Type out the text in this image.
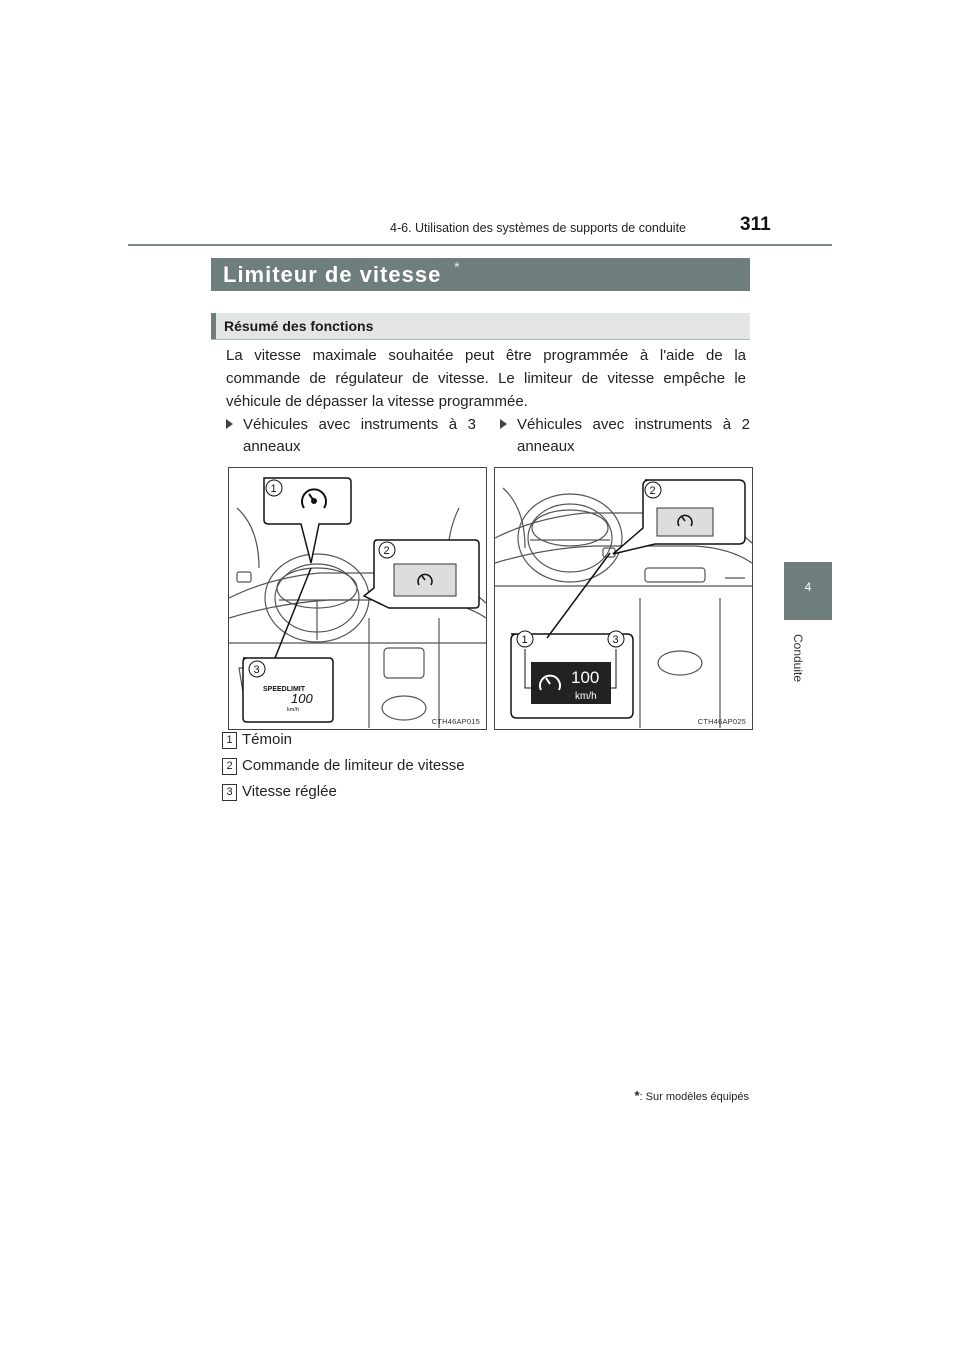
4-6. Utilisation des systèmes de supports de conduite	311
4
Conduite
Limiteur de vitesse *
Résumé des fonctions
La vitesse maximale souhaitée peut être programmée à l'aide de la commande de régulateur de vitesse. Le limiteur de vitesse empêche le véhicule de dépasser la vitesse programmée.
Véhicules avec instruments à 3 anneaux
Véhicules avec instruments à 2 anneaux
1
2
3
SPEEDLIMIT
100
km/h
CTH46AP015
100
km/h
1
2
3
CTH46AP025
1 Témoin
2 Commande de limiteur de vitesse
3 Vitesse réglée
*: Sur modèles équipés
